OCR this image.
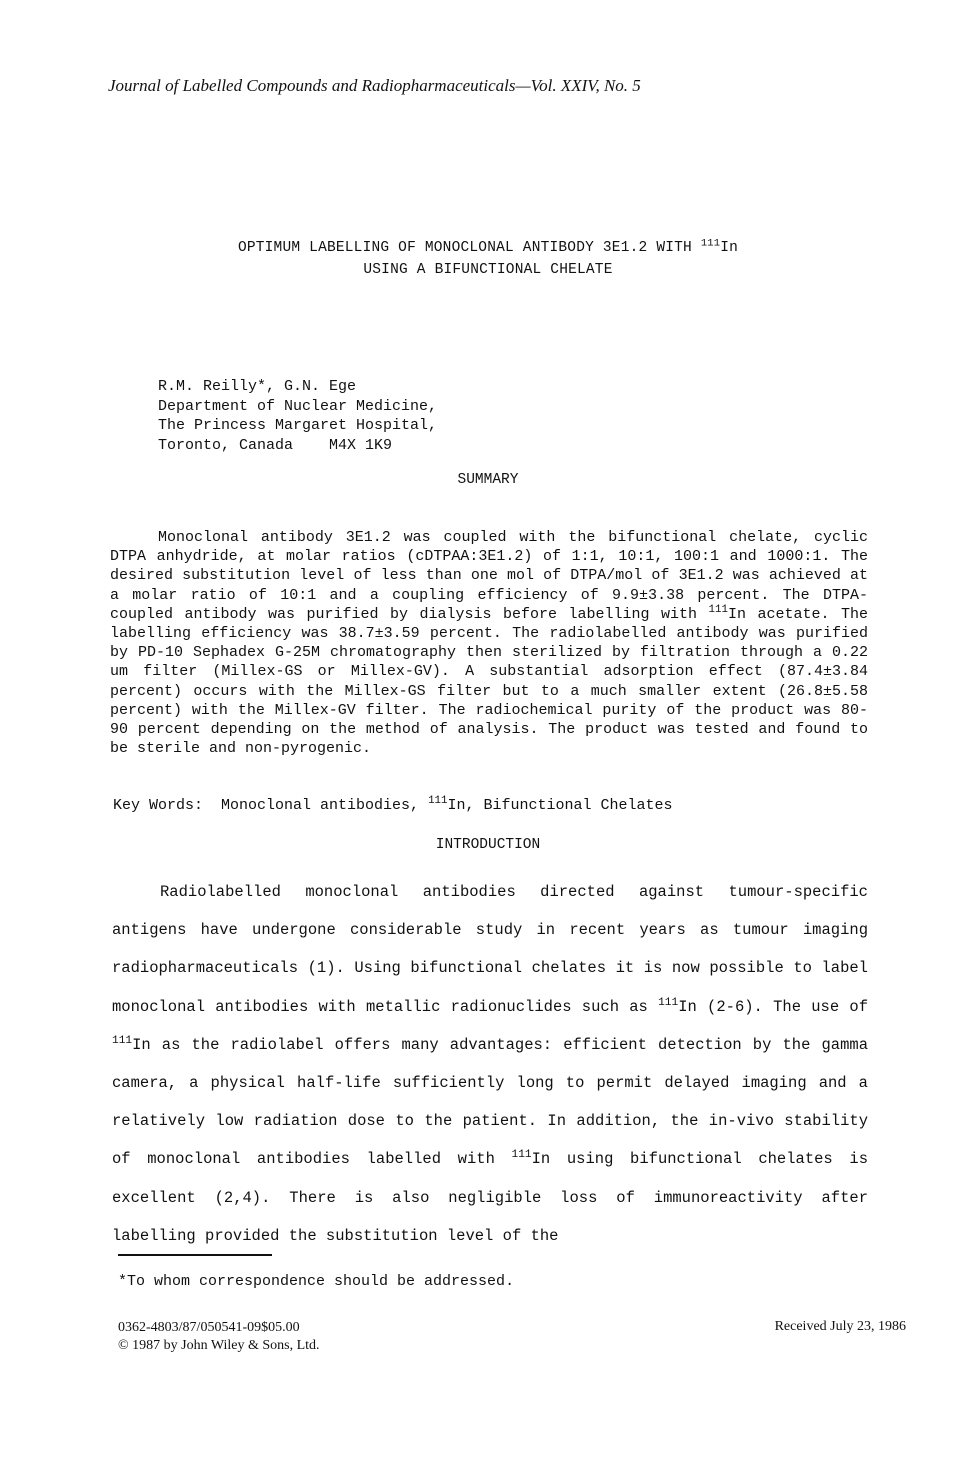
Journal of Labelled Compounds and Radiopharmaceuticals—Vol. XXIV, No. 5
OPTIMUM LABELLING OF MONOCLONAL ANTIBODY 3E1.2 WITH $^{111}$In
USING A BIFUNCTIONAL CHELATE
R.M. Reilly*, G.N. Ege
Department of Nuclear Medicine,
The Princess Margaret Hospital,
Toronto, Canada    M4X 1K9
SUMMARY

Monoclonal antibody 3E1.2 was coupled with the bifunctional chelate, cyclic DTPA anhydride, at molar ratios (cDTPAA:3E1.2) of 1:1, 10:1, 100:1 and 1000:1. The desired substitution level of less than one mol of DTPA/mol of 3E1.2 was achieved at a molar ratio of 10:1 and a coupling efficiency of 9.9±3.38 percent. The DTPA-coupled antibody was purified by dialysis before labelling with $^{111}$In acetate. The labelling efficiency was 38.7±3.59 percent. The radiolabelled antibody was purified by PD-10 Sephadex G-25M chromatography then sterilized by filtration through a 0.22 um filter (Millex-GS or Millex-GV). A substantial adsorption effect (87.4±3.84 percent) occurs with the Millex-GS filter but to a much smaller extent (26.8±5.58 percent) with the Millex-GV filter. The radiochemical purity of the product was 80-90 percent depending on the method of analysis. The product was tested and found to be sterile and non-pyrogenic.

Key Words:  Monoclonal antibodies, $^{111}$In, Bifunctional Chelates
INTRODUCTION

Radiolabelled monoclonal antibodies directed against tumour-specific antigens have undergone considerable study in recent years as tumour imaging radiopharmaceuticals (1). Using bifunctional chelates it is now possible to label monoclonal antibodies with metallic radionuclides such as $^{111}$In (2-6). The use of $^{111}$In as the radiolabel offers many advantages: efficient detection by the gamma camera, a physical half-life sufficiently long to permit delayed imaging and a relatively low radiation dose to the patient. In addition, the in-vivo stability of monoclonal antibodies labelled with $^{111}$In using bifunctional chelates is excellent (2,4). There is also negligible loss of immunoreactivity after labelling provided the substitution level of the

*To whom correspondence should be addressed.
0362-4803/87/050541-09$05.00
© 1987 by John Wiley & Sons, Ltd.
Received July 23, 1986
